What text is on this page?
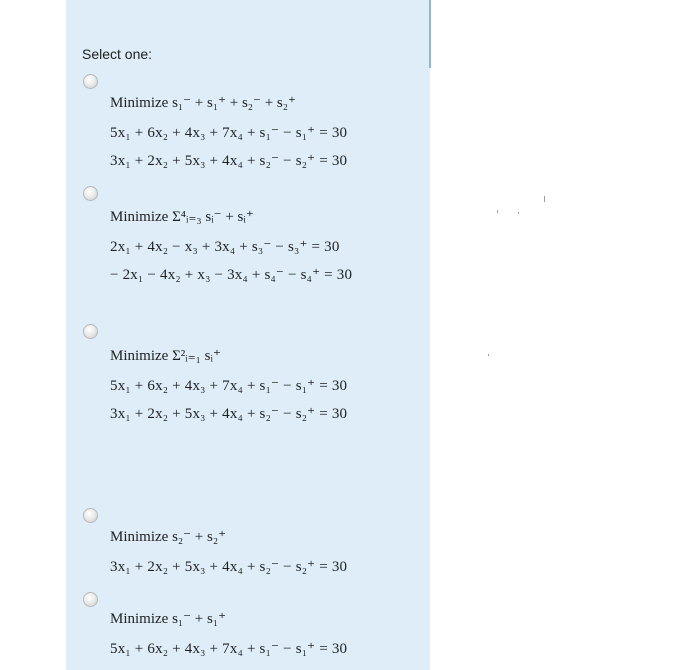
Select one:
Minimize s₁⁻ + s₁⁺ + s₂⁻ + s₂⁺
5x₁ + 6x₂ + 4x₃ + 7x₄ + s₁⁻ − s₁⁺ = 30
3x₁ + 2x₂ + 5x₃ + 4x₄ + s₂⁻ − s₂⁺ = 30
Minimize Σ⁴ᵢ₌₃ sᵢ⁻ + sᵢ⁺
2x₁ + 4x₂ − x₃ + 3x₄ + s₃⁻ − s₃⁺ = 30
− 2x₁ − 4x₂ + x₃ − 3x₄ + s₄⁻ − s₄⁺ = 30
Minimize Σ²ᵢ₌₁ sᵢ⁺
5x₁ + 6x₂ + 4x₃ + 7x₄ + s₁⁻ − s₁⁺ = 30
3x₁ + 2x₂ + 5x₃ + 4x₄ + s₂⁻ − s₂⁺ = 30
Minimize s₂⁻ + s₂⁺
3x₁ + 2x₂ + 5x₃ + 4x₄ + s₂⁻ − s₂⁺ = 30
Minimize s₁⁻ + s₁⁺
5x₁ + 6x₂ + 4x₃ + 7x₄ + s₁⁻ − s₁⁺ = 30
